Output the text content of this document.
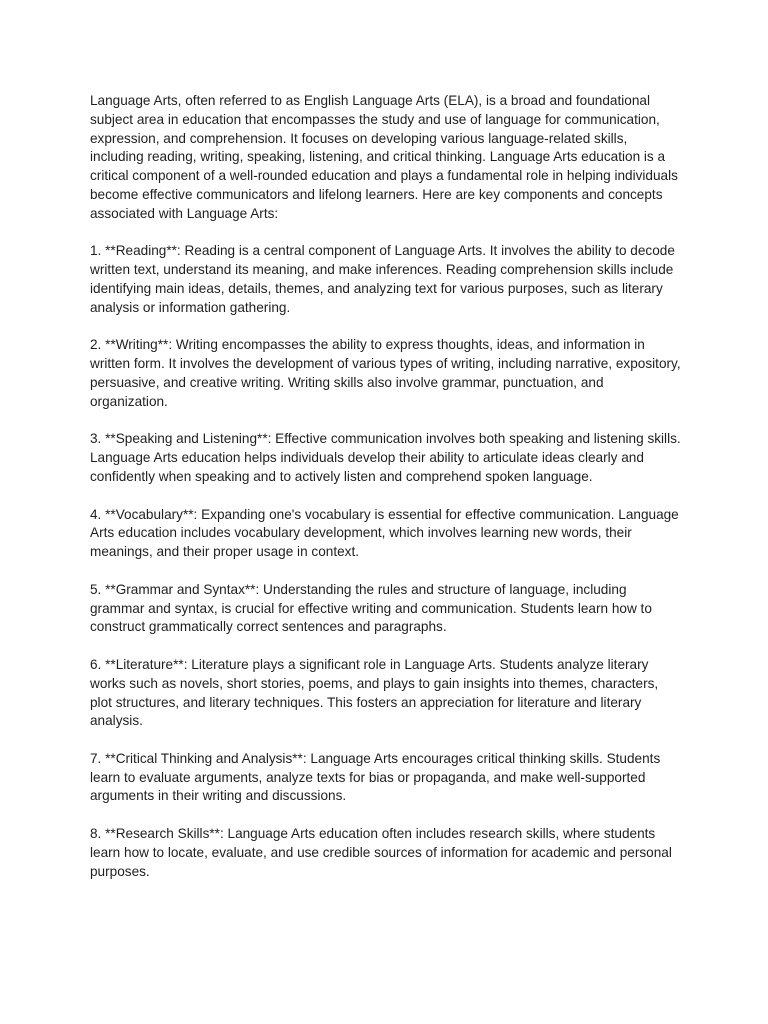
Language Arts, often referred to as English Language Arts (ELA), is a broad and foundational subject area in education that encompasses the study and use of language for communication, expression, and comprehension. It focuses on developing various language-related skills, including reading, writing, speaking, listening, and critical thinking. Language Arts education is a critical component of a well-rounded education and plays a fundamental role in helping individuals become effective communicators and lifelong learners. Here are key components and concepts associated with Language Arts:

1. **Reading**: Reading is a central component of Language Arts. It involves the ability to decode written text, understand its meaning, and make inferences. Reading comprehension skills include identifying main ideas, details, themes, and analyzing text for various purposes, such as literary analysis or information gathering.

2. **Writing**: Writing encompasses the ability to express thoughts, ideas, and information in written form. It involves the development of various types of writing, including narrative, expository, persuasive, and creative writing. Writing skills also involve grammar, punctuation, and organization.

3. **Speaking and Listening**: Effective communication involves both speaking and listening skills. Language Arts education helps individuals develop their ability to articulate ideas clearly and confidently when speaking and to actively listen and comprehend spoken language.

4. **Vocabulary**: Expanding one's vocabulary is essential for effective communication. Language Arts education includes vocabulary development, which involves learning new words, their meanings, and their proper usage in context.

5. **Grammar and Syntax**: Understanding the rules and structure of language, including grammar and syntax, is crucial for effective writing and communication. Students learn how to construct grammatically correct sentences and paragraphs.

6. **Literature**: Literature plays a significant role in Language Arts. Students analyze literary works such as novels, short stories, poems, and plays to gain insights into themes, characters, plot structures, and literary techniques. This fosters an appreciation for literature and literary analysis.

7. **Critical Thinking and Analysis**: Language Arts encourages critical thinking skills. Students learn to evaluate arguments, analyze texts for bias or propaganda, and make well-supported arguments in their writing and discussions.

8. **Research Skills**: Language Arts education often includes research skills, where students learn how to locate, evaluate, and use credible sources of information for academic and personal purposes.
